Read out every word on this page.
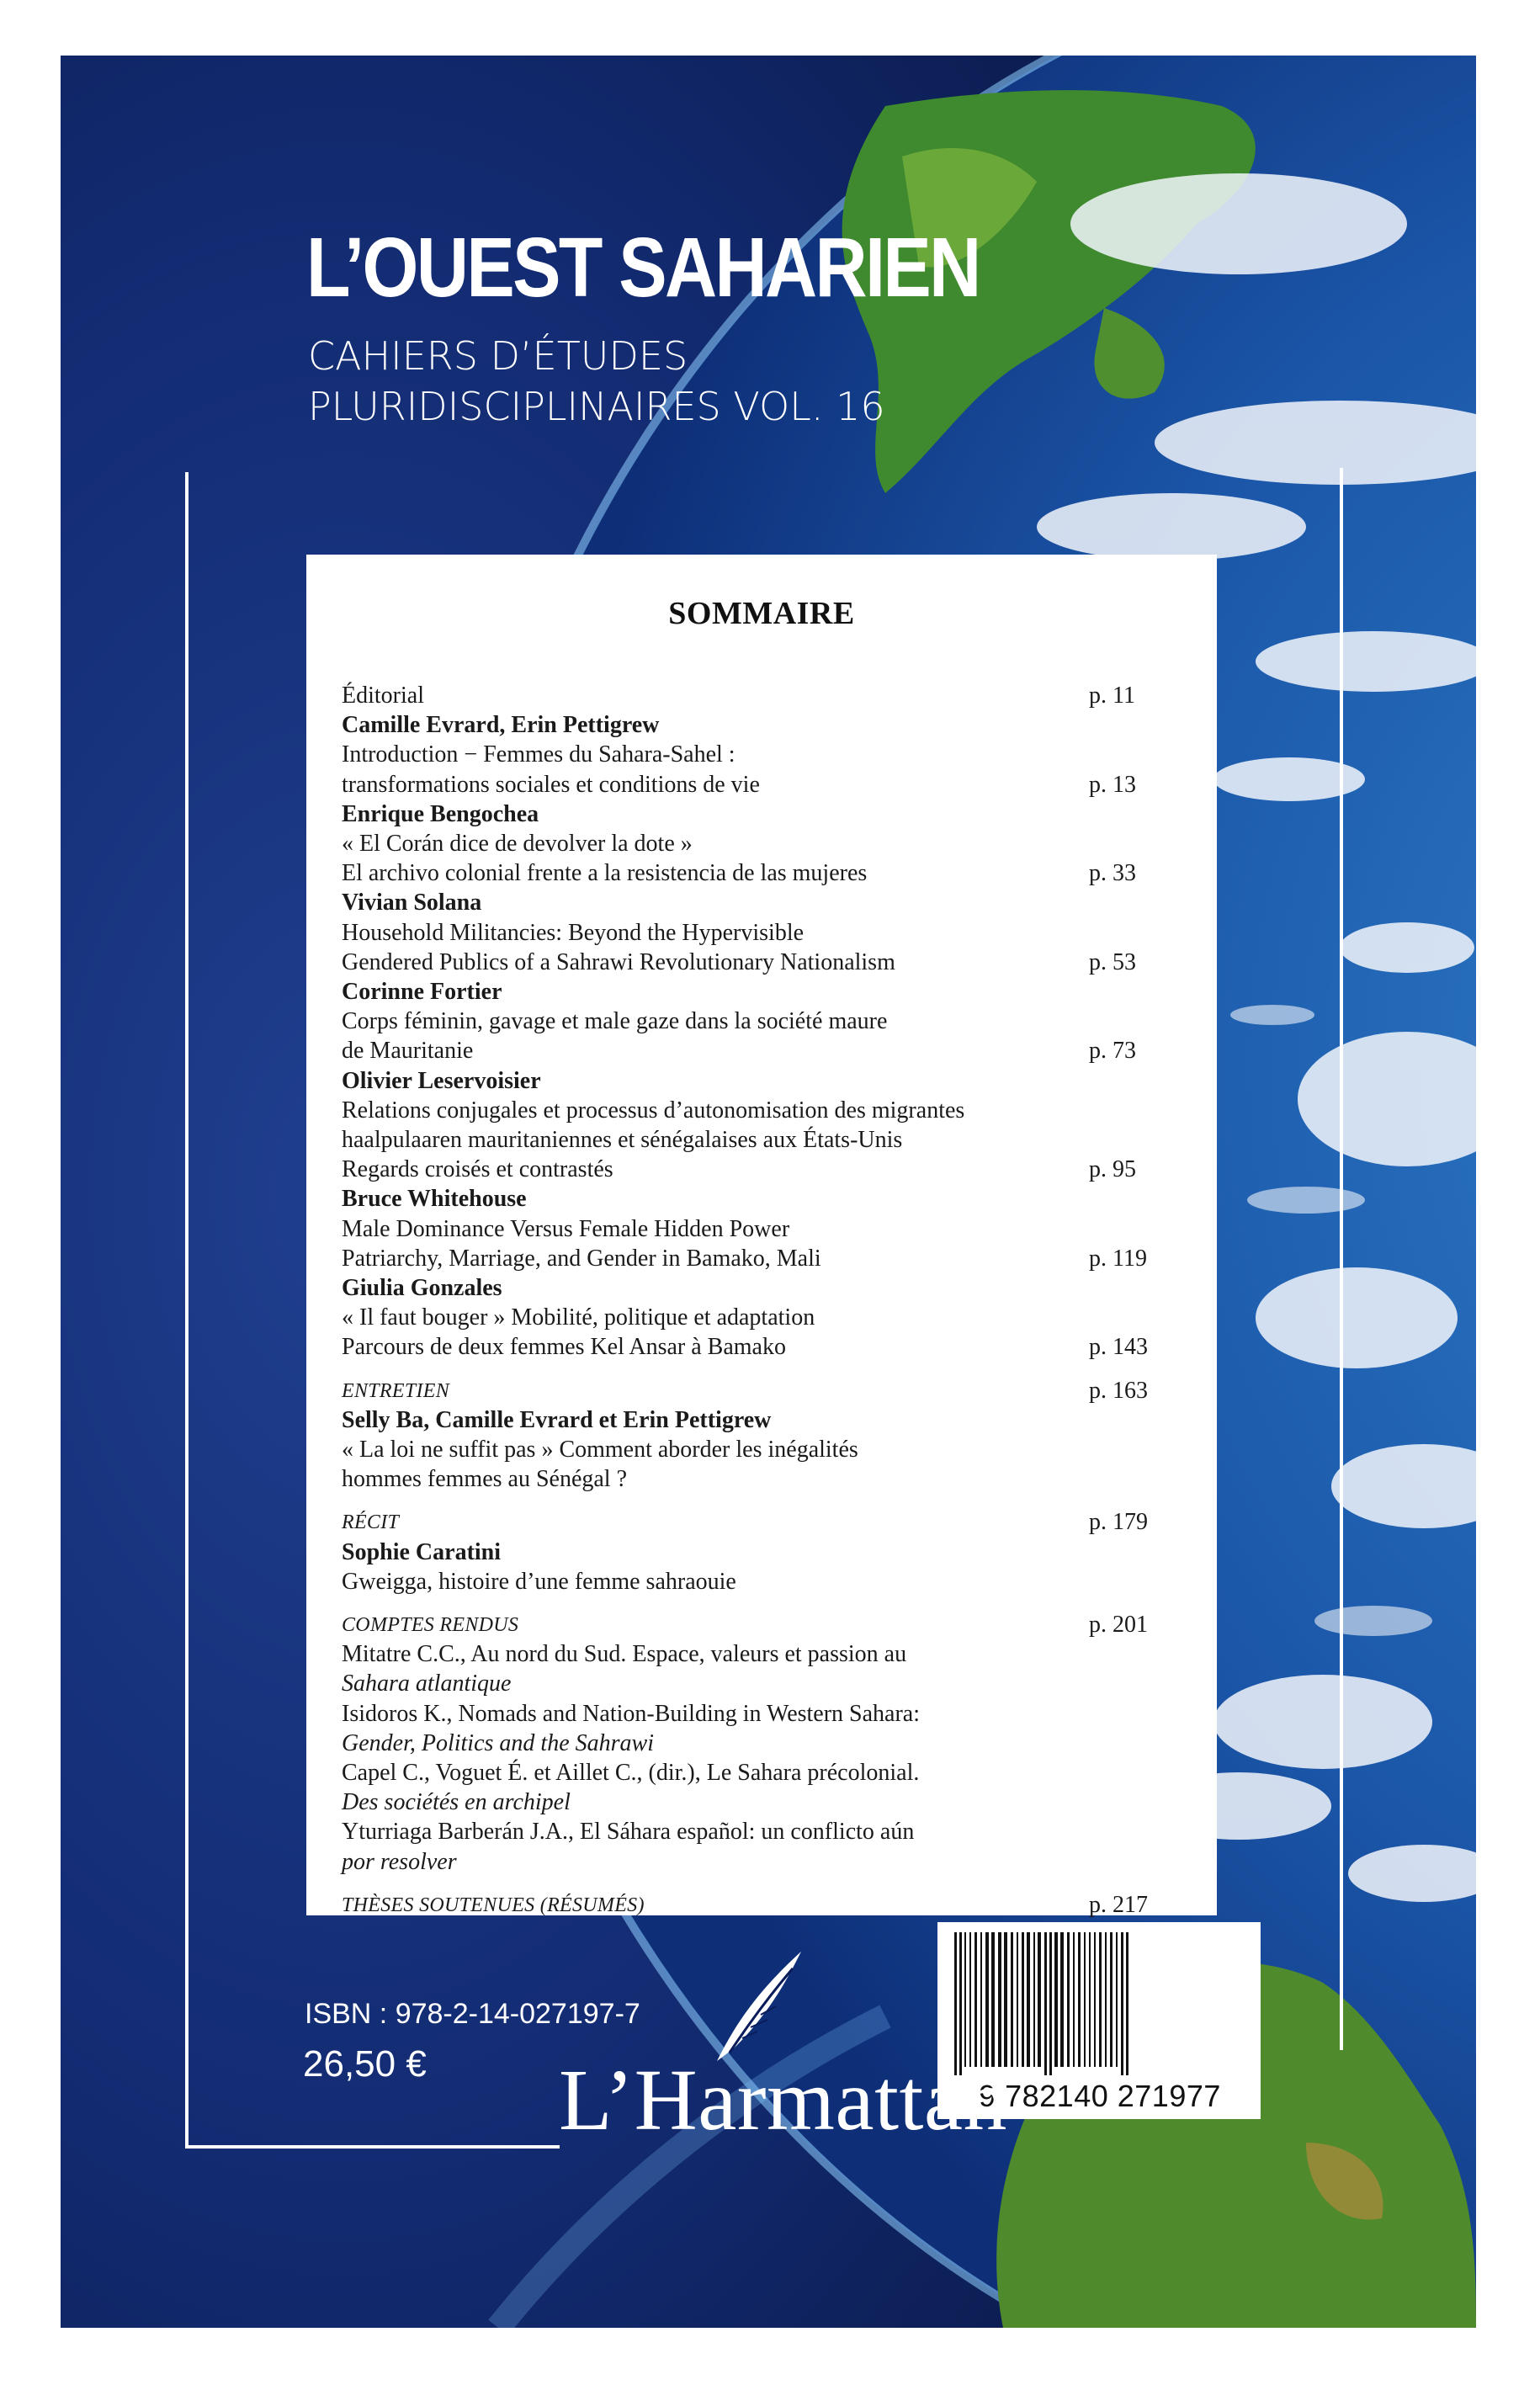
L’OUEST SAHARIEN
CAHIERS D’ÉTUDES
PLURIDISCIPLINAIRES VOL. 16
SOMMAIRE
Éditorial	p. 11
Camille Evrard, Erin Pettigrew
Introduction − Femmes du Sahara-Sahel :
transformations sociales et conditions de vie	p. 13
Enrique Bengochea
« El Corán dice de devolver la dote »
El archivo colonial frente a la resistencia de las mujeres	p. 33
Vivian Solana
Household Militancies: Beyond the Hypervisible
Gendered Publics of a Sahrawi Revolutionary Nationalism	p. 53
Corinne Fortier
Corps féminin, gavage et male gaze dans la société maure
de Mauritanie	p. 73
Olivier Leservoisier
Relations conjugales et processus d’autonomisation des migrantes
haalpulaaren mauritaniennes et sénégalaises aux États-Unis
Regards croisés et contrastés	p. 95
Bruce Whitehouse
Male Dominance Versus Female Hidden Power
Patriarchy, Marriage, and Gender in Bamako, Mali	p. 119
Giulia Gonzales
« Il faut bouger » Mobilité, politique et adaptation
Parcours de deux femmes Kel Ansar à Bamako	p. 143
ENTRETIEN	p. 163
Selly Ba, Camille Evrard et Erin Pettigrew
« La loi ne suffit pas » Comment aborder les inégalités
hommes femmes au Sénégal ?
RÉCIT	p. 179
Sophie Caratini
Gweigga, histoire d’une femme sahraouie
COMPTES RENDUS	p. 201
Mitatre C.C., Au nord du Sud. Espace, valeurs et passion au
Sahara atlantique
Isidoros K., Nomads and Nation-Building in Western Sahara:
Gender, Politics and the Sahrawi
Capel C., Voguet É. et Aillet C., (dir.), Le Sahara précolonial.
Des sociétés en archipel
Yturriaga Barberán J.A., El Sáhara español: un conflicto aún
por resolver
THÈSES SOUTENUES (RÉSUMÉS)	p. 217
9 782140 271977
ISBN : 978-2-14-027197-7
26,50 € L’Harmattan
